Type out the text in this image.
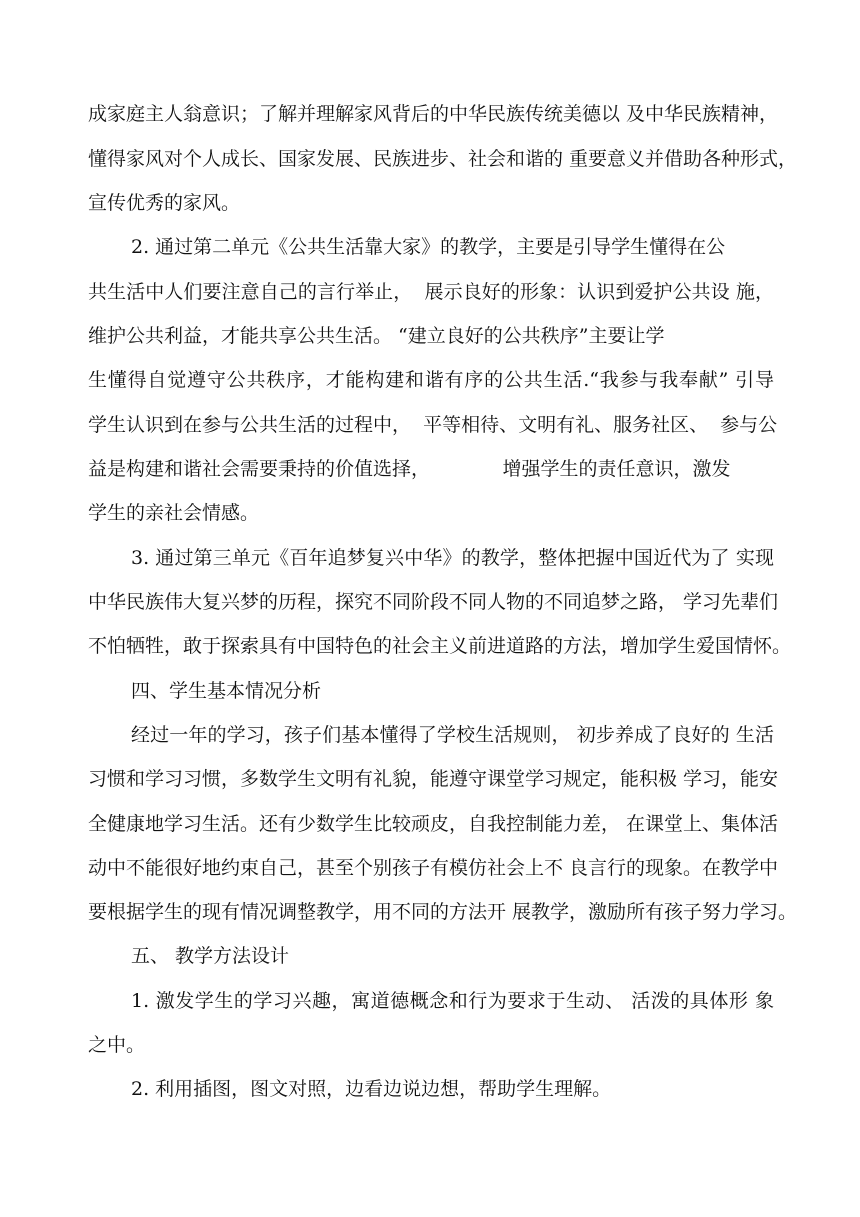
成家庭主人翁意识；了解并理解家风背后的中华民族传统美德以 及中华民族精神，
懂得家风对个人成长、国家发展、民族进步、社会和谐的 重要意义并借助各种形式，
宣传优秀的家风。
2. 通过第二单元《公共生活靠大家》的教学，主要是引导学生懂得在公
共生活中人们要注意自己的言行举止，  展示良好的形象：认识到爱护公共设 施，
维护公共利益，才能共享公共生活。 “建立良好的公共秩序”主要让学
生懂得自觉遵守公共秩序，才能构建和谐有序的公共生活.“我参与我奉献” 引导
学生认识到在参与公共生活的过程中，  平等相待、文明有礼、服务社区、  参与公
益是构建和谐社会需要秉持的价值选择，            增强学生的责任意识，激发
学生的亲社会情感。
3. 通过第三单元《百年追梦复兴中华》的教学，整体把握中国近代为了 实现
中华民族伟大复兴梦的历程，探究不同阶段不同人物的不同追梦之路， 学习先辈们
不怕牺牲，敢于探索具有中国特色的社会主义前进道路的方法，增加学生爱国情怀。
四、学生基本情况分析
经过一年的学习，孩子们基本懂得了学校生活规则， 初步养成了良好的 生活
习惯和学习习惯，多数学生文明有礼貌，能遵守课堂学习规定，能积极 学习，能安
全健康地学习生活。还有少数学生比较顽皮，自我控制能力差， 在课堂上、集体活
动中不能很好地约束自己，甚至个别孩子有模仿社会上不 良言行的现象。在教学中
要根据学生的现有情况调整教学，用不同的方法开 展教学，激励所有孩子努力学习。
五、 教学方法设计
1. 激发学生的学习兴趣，寓道德概念和行为要求于生动、 活泼的具体形 象
之中。
2. 利用插图，图文对照，边看边说边想，帮助学生理解。
